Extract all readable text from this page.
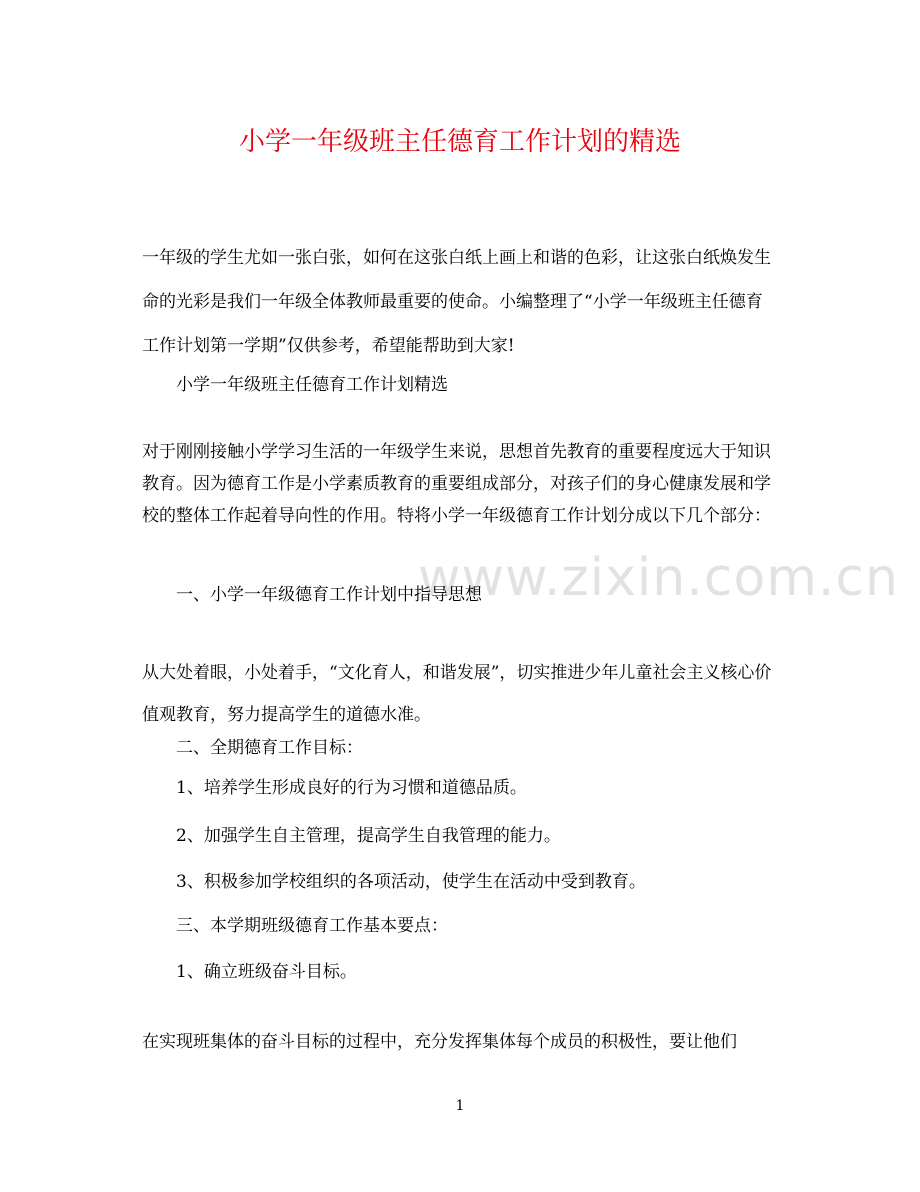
www.zixin.com.cn
小学一年级班主任德育工作计划的精选

一年级的学生尤如一张白张，如何在这张白纸上画上和谐的色彩，让这张白纸焕发生命的光彩是我们一年级全体教师最重要的使命。小编整理了“小学一年级班主任德育工作计划第一学期”仅供参考，希望能帮助到大家!

小学一年级班主任德育工作计划精选

对于刚刚接触小学学习生活的一年级学生来说，思想首先教育的重要程度远大于知识教育。因为德育工作是小学素质教育的重要组成部分，对孩子们的身心健康发展和学校的整体工作起着导向性的作用。特将小学一年级德育工作计划分成以下几个部分：

一、小学一年级德育工作计划中指导思想

从大处着眼，小处着手，“文化育人，和谐发展”，切实推进少年儿童社会主义核心价值观教育，努力提高学生的道德水准。

二、全期德育工作目标：

1、培养学生形成良好的行为习惯和道德品质。

2、加强学生自主管理，提高学生自我管理的能力。

3、积极参加学校组织的各项活动，使学生在活动中受到教育。

三、本学期班级德育工作基本要点：

1、确立班级奋斗目标。

在实现班集体的奋斗目标的过程中，充分发挥集体每个成员的积极性，要让他们

1
